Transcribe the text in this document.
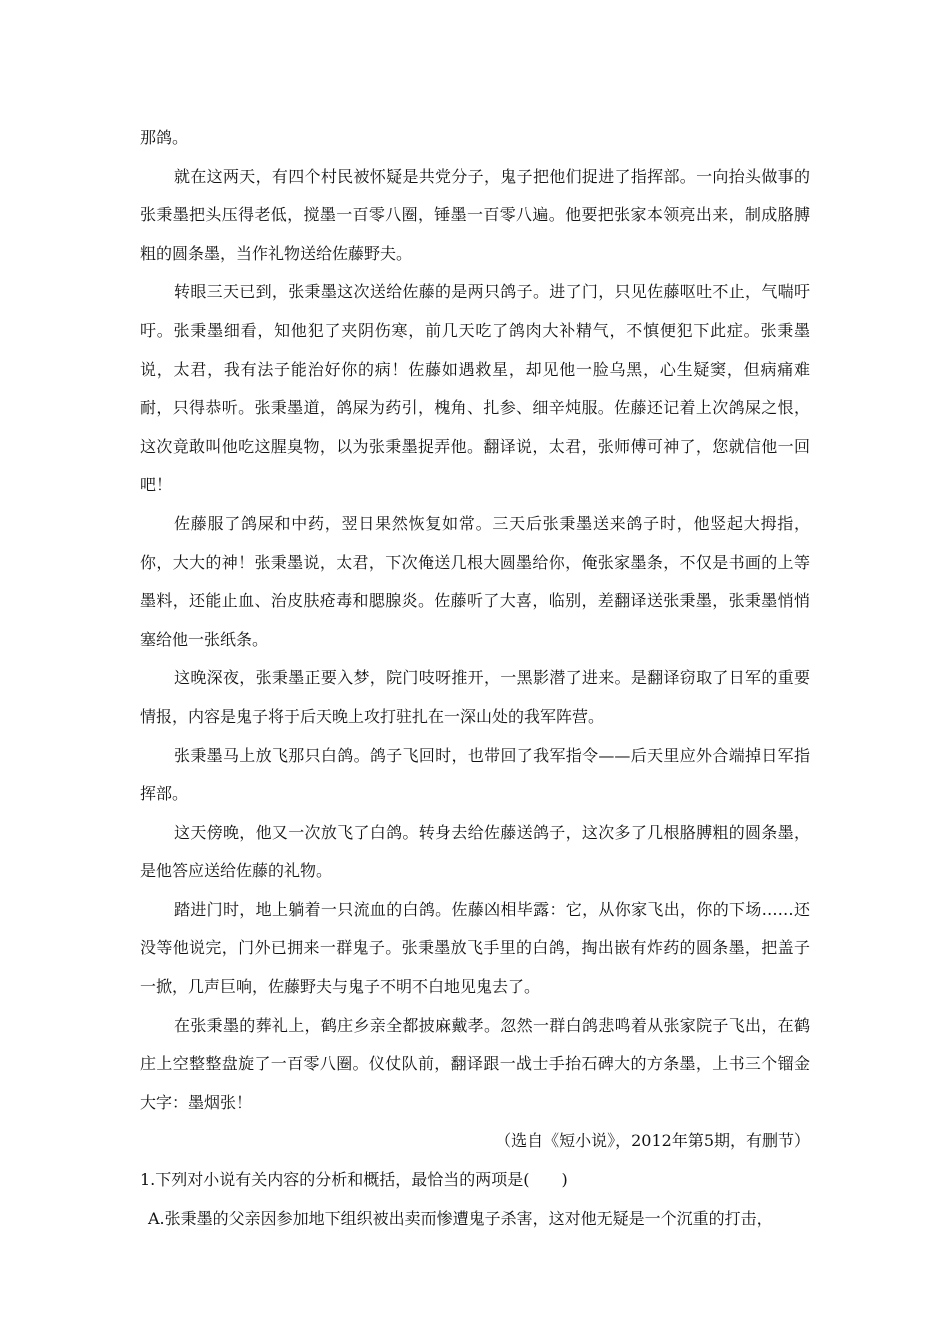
那鸽。

就在这两天，有四个村民被怀疑是共党分子，鬼子把他们捉进了指挥部。一向抬头做事的张秉墨把头压得老低，搅墨一百零八圈，锤墨一百零八遍。他要把张家本领亮出来，制成胳膊粗的圆条墨，当作礼物送给佐藤野夫。

转眼三天已到，张秉墨这次送给佐藤的是两只鸽子。进了门，只见佐藤呕吐不止，气喘吁吁。张秉墨细看，知他犯了夹阴伤寒，前几天吃了鸽肉大补精气，不慎便犯下此症。张秉墨说，太君，我有法子能治好你的病！佐藤如遇救星，却见他一脸乌黑，心生疑窦，但病痛难耐，只得恭听。张秉墨道，鸽屎为药引，槐角、扎参、细辛炖服。佐藤还记着上次鸽屎之恨，这次竟敢叫他吃这腥臭物，以为张秉墨捉弄他。翻译说，太君，张师傅可神了，您就信他一回吧！

佐藤服了鸽屎和中药，翌日果然恢复如常。三天后张秉墨送来鸽子时，他竖起大拇指，你，大大的神！张秉墨说，太君，下次俺送几根大圆墨给你，俺张家墨条，不仅是书画的上等墨料，还能止血、治皮肤疮毒和腮腺炎。佐藤听了大喜，临别，差翻译送张秉墨，张秉墨悄悄塞给他一张纸条。

这晚深夜，张秉墨正要入梦，院门吱呀推开，一黑影潜了进来。是翻译窃取了日军的重要情报，内容是鬼子将于后天晚上攻打驻扎在一深山处的我军阵营。

张秉墨马上放飞那只白鸽。鸽子飞回时，也带回了我军指令——后天里应外合端掉日军指挥部。

这天傍晚，他又一次放飞了白鸽。转身去给佐藤送鸽子，这次多了几根胳膊粗的圆条墨，是他答应送给佐藤的礼物。

踏进门时，地上躺着一只流血的白鸽。佐藤凶相毕露：它，从你家飞出，你的下场……还没等他说完，门外已拥来一群鬼子。张秉墨放飞手里的白鸽，掏出嵌有炸药的圆条墨，把盖子一掀，几声巨响，佐藤野夫与鬼子不明不白地见鬼去了。

在张秉墨的葬礼上，鹤庄乡亲全都披麻戴孝。忽然一群白鸽悲鸣着从张家院子飞出，在鹤庄上空整整盘旋了一百零八圈。仪仗队前，翻译跟一战士手抬石碑大的方条墨，上书三个镏金大字：墨烟张！

（选自《短小说》，2012年第5期，有删节）

1.下列对小说有关内容的分析和概括，最恰当的两项是(　　)

A.张秉墨的父亲因参加地下组织被出卖而惨遭鬼子杀害，这对他无疑是一个沉重的打击，
